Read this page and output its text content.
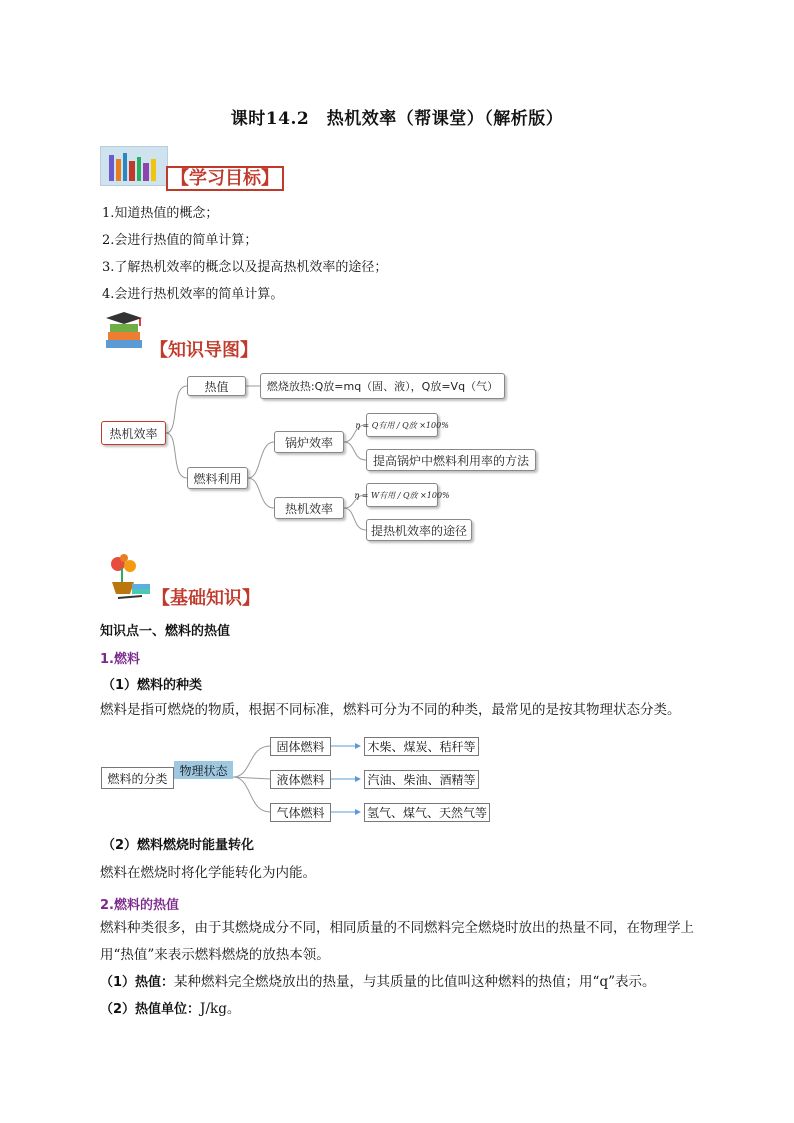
课时14.2　热机效率（帮课堂）（解析版）
【学习目标】
1.知道热值的概念；
2.会进行热值的简单计算；
3.了解热机效率的概念以及提高热机效率的途径；
4.会进行热机效率的简单计算。
【知识导图】
热机效率
热值	燃烧放热:Q放=mq（固、液），Q放=Vq（气）
燃料利用
锅炉效率
η = Q有用 / Q放 ×100%
提高锅炉中燃料利用率的方法
热机效率
η = W有用 / Q放 ×100%
提热机效率的途径
【基础知识】
知识点一、燃料的热值
1.燃料
（1）燃料的种类
燃料是指可燃烧的物质，根据不同标准，燃料可分为不同的种类，最常见的是按其物理状态分类。
燃料的分类
物理状态
固体燃料
液体燃料
气体燃料
木柴、煤炭、秸秆等
汽油、柴油、酒精等
氢气、煤气、天然气等
（2）燃料燃烧时能量转化
燃料在燃烧时将化学能转化为内能。
2.燃料的热值
燃料种类很多，由于其燃烧成分不同，相同质量的不同燃料完全燃烧时放出的热量不同，在物理学上用“热值”来表示燃料燃烧的放热本领。
（1）热值：某种燃料完全燃烧放出的热量，与其质量的比值叫这种燃料的热值；用“q”表示。
（2）热值单位：J/kg。
